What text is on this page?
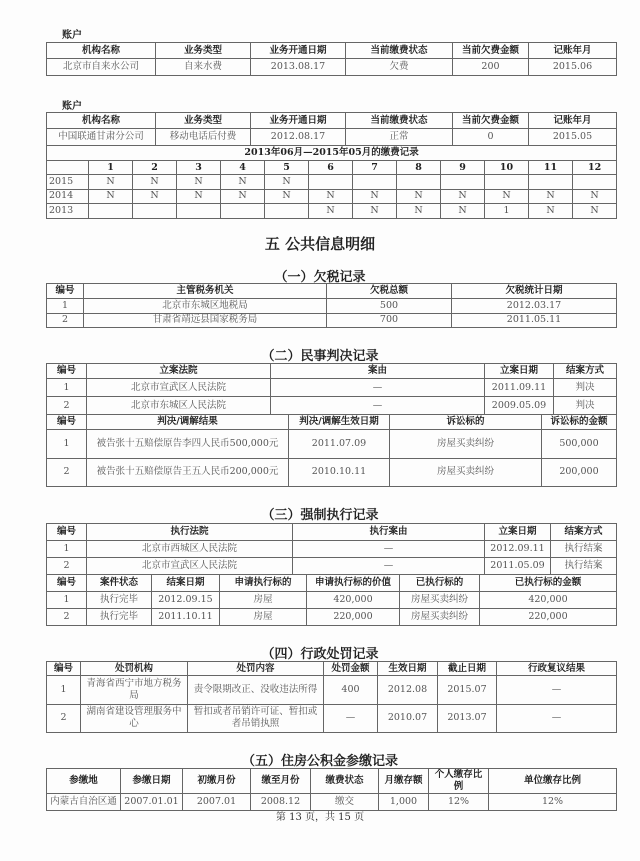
账户
机构名称	业务类型	业务开通日期	当前缴费状态	当前欠费金额	记账年月
北京市自来水公司	自来水费	2013.08.17	欠费	200	2015.06
账户
机构名称	业务类型	业务开通日期	当前缴费状态	当前欠费金额	记账年月
中国联通甘肃分公司	移动电话后付费	2012.08.17	正常	0	2015.05
2013年06月—2015年05月的缴费记录												

	1	2	3	4	5	6	7	8	9	10	11	12
2015	N	N	N	N	N							
2014	N	N	N	N	N	N	N	N	N	N	N	N
2013						N	N	N	N	1	N	N
五 公共信息明细
（一）欠税记录
编号	主管税务机关	欠税总额	欠税统计日期
1	北京市东城区地税局	500	2012.03.17
2	甘肃省靖远县国家税务局	700	2011.05.11
（二）民事判决记录
编号	立案法院	案由	立案日期	结案方式
1	北京市宣武区人民法院	—	2011.09.11	判决
2	北京市东城区人民法院	—	2009.05.09	判决
编号	判决/调解结果	判决/调解生效日期	诉讼标的	诉讼标的金额
1	被告张十五赔偿原告李四人民币500,000元	2011.07.09	房屋买卖纠纷	500,000
2	被告张十五赔偿原告王五人民币200,000元	2010.10.11	房屋买卖纠纷	200,000
（三）强制执行记录
编号	执行法院	执行案由	立案日期	结案方式
1	北京市西城区人民法院	—	2012.09.11	执行结案
2	北京市宣武区人民法院	—	2011.05.09	执行结案
编号	案件状态	结案日期	申请执行标的	申请执行标的价值	已执行标的	已执行标的金额
1	执行完毕	2012.09.15	房屋	420,000	房屋买卖纠纷	420,000
2	执行完毕	2011.10.11	房屋	220,000	房屋买卖纠纷	220,000
（四）行政处罚记录
编号	处罚机构	处罚内容	处罚金额	生效日期	截止日期	行政复议结果
1	青海省西宁市地方税务局	责令限期改正、没收违法所得	400	2012.08	2015.07	—
2	湖南省建设管理服务中心	暂扣或者吊销许可证、暂扣或者吊销执照	—	2010.07	2013.07	—
（五）住房公积金参缴记录
参缴地	参缴日期	初缴月份	缴至月份	缴费状态	月缴存额	个人缴存比例	单位缴存比例
内蒙古自治区通	2007.01.01	2007.01	2008.12	缴交	1,000	12%	12%
第 13 页，共 15 页
